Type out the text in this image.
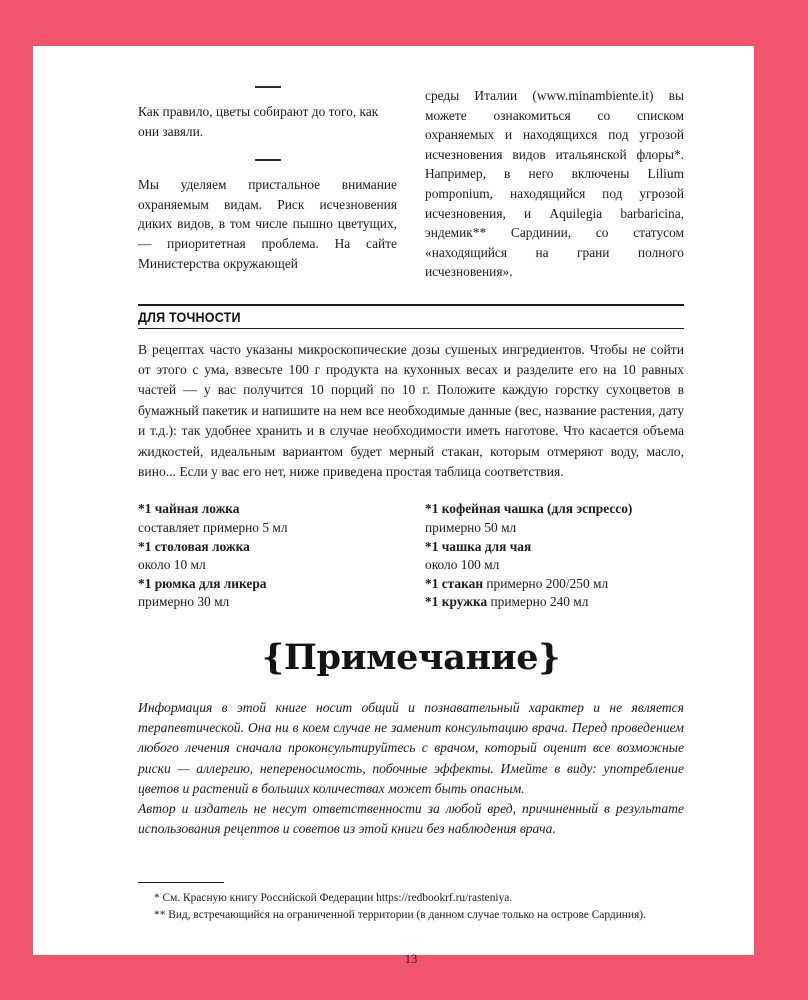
Как правило, цветы собирают до того, как они завяли.

Мы уделяем пристальное внимание охраняемым видам. Риск исчезновения диких видов, в том числе пышно цветущих, — приоритетная проблема. На сайте Министерства окружающей

среды Италии (www.minambiente.it) вы можете ознакомиться со списком охраняемых и находящихся под угрозой исчезновения видов итальянской флоры*. Например, в него включены Lilium pomponium, находящийся под угрозой исчезновения, и Aquilegia barbaricina, эндемик** Сардинии, со статусом «находящийся на грани полного исчезновения».

ДЛЯ ТОЧНОСТИ

В рецептах часто указаны микроскопические дозы сушеных ингредиентов. Чтобы не сойти от этого с ума, взвесьте 100 г продукта на кухонных весах и разделите его на 10 равных частей — у вас получится 10 порций по 10 г. Положите каждую горстку сухоцветов в бумажный пакетик и напишите на нем все необходимые данные (вес, название растения, дату и т.д.): так удобнее хранить и в случае необходимости иметь наготове. Что касается объема жидкостей, идеальным вариантом будет мерный стакан, которым отмеряют воду, масло, вино... Если у вас его нет, ниже приведена простая таблица соответствия.

*1 чайная ложка
составляет примерно 5 мл
*1 столовая ложка
около 10 мл
*1 рюмка для ликера
примерно 30 мл
*1 кофейная чашка (для эспрессо)
примерно 50 мл
*1 чашка для чая
около 100 мл
*1 стакан примерно 200/250 мл
*1 кружка примерно 240 мл
{Примечание}

Информация в этой книге носит общий и познавательный характер и не является терапевтической. Она ни в коем случае не заменит консультацию врача. Перед проведением любого лечения сначала проконсультируйтесь с врачом, который оценит все возможные риски — аллергию, непереносимость, побочные эффекты. Имейте в виду: употребление цветов и растений в больших количествах может быть опасным.

Автор и издатель не несут ответственности за любой вред, причиненный в результате использования рецептов и советов из этой книги без наблюдения врача.

* См. Красную книгу Российской Федерации https://redbookrf.ru/rasteniya.

** Вид, встречающийся на ограниченной территории (в данном случае только на острове Сардиния).

13
